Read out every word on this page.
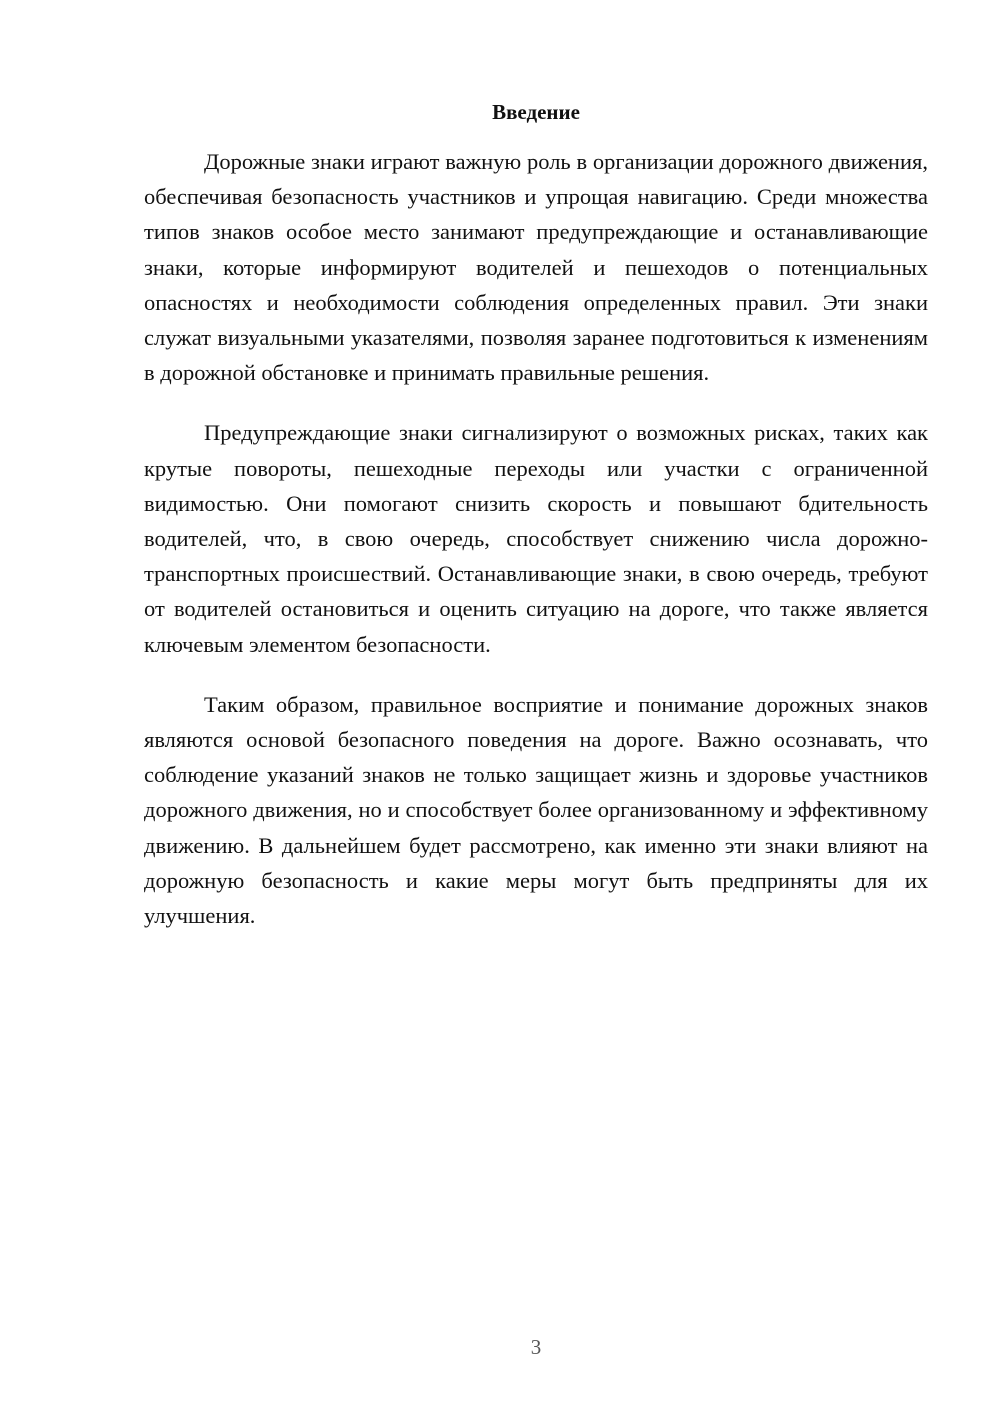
Введение

Дорожные знаки играют важную роль в организации дорожного движения, обеспечивая безопасность участников и упрощая навигацию. Среди множества типов знаков особое место занимают предупреждающие и останавливающие знаки, которые информируют водителей и пешеходов о потенциальных опасностях и необходимости соблюдения определенных правил. Эти знаки служат визуальными указателями, позволяя заранее подготовиться к изменениям в дорожной обстановке и принимать правильные решения.

Предупреждающие знаки сигнализируют о возможных рисках, таких как крутые повороты, пешеходные переходы или участки с ограниченной видимостью. Они помогают снизить скорость и повышают бдительность водителей, что, в свою очередь, способствует снижению числа дорожно-транспортных происшествий. Останавливающие знаки, в свою очередь, требуют от водителей остановиться и оценить ситуацию на дороге, что также является ключевым элементом безопасности.

Таким образом, правильное восприятие и понимание дорожных знаков являются основой безопасного поведения на дороге. Важно осознавать, что соблюдение указаний знаков не только защищает жизнь и здоровье участников дорожного движения, но и способствует более организованному и эффективному движению. В дальнейшем будет рассмотрено, как именно эти знаки влияют на дорожную безопасность и какие меры могут быть предприняты для их улучшения.

3
